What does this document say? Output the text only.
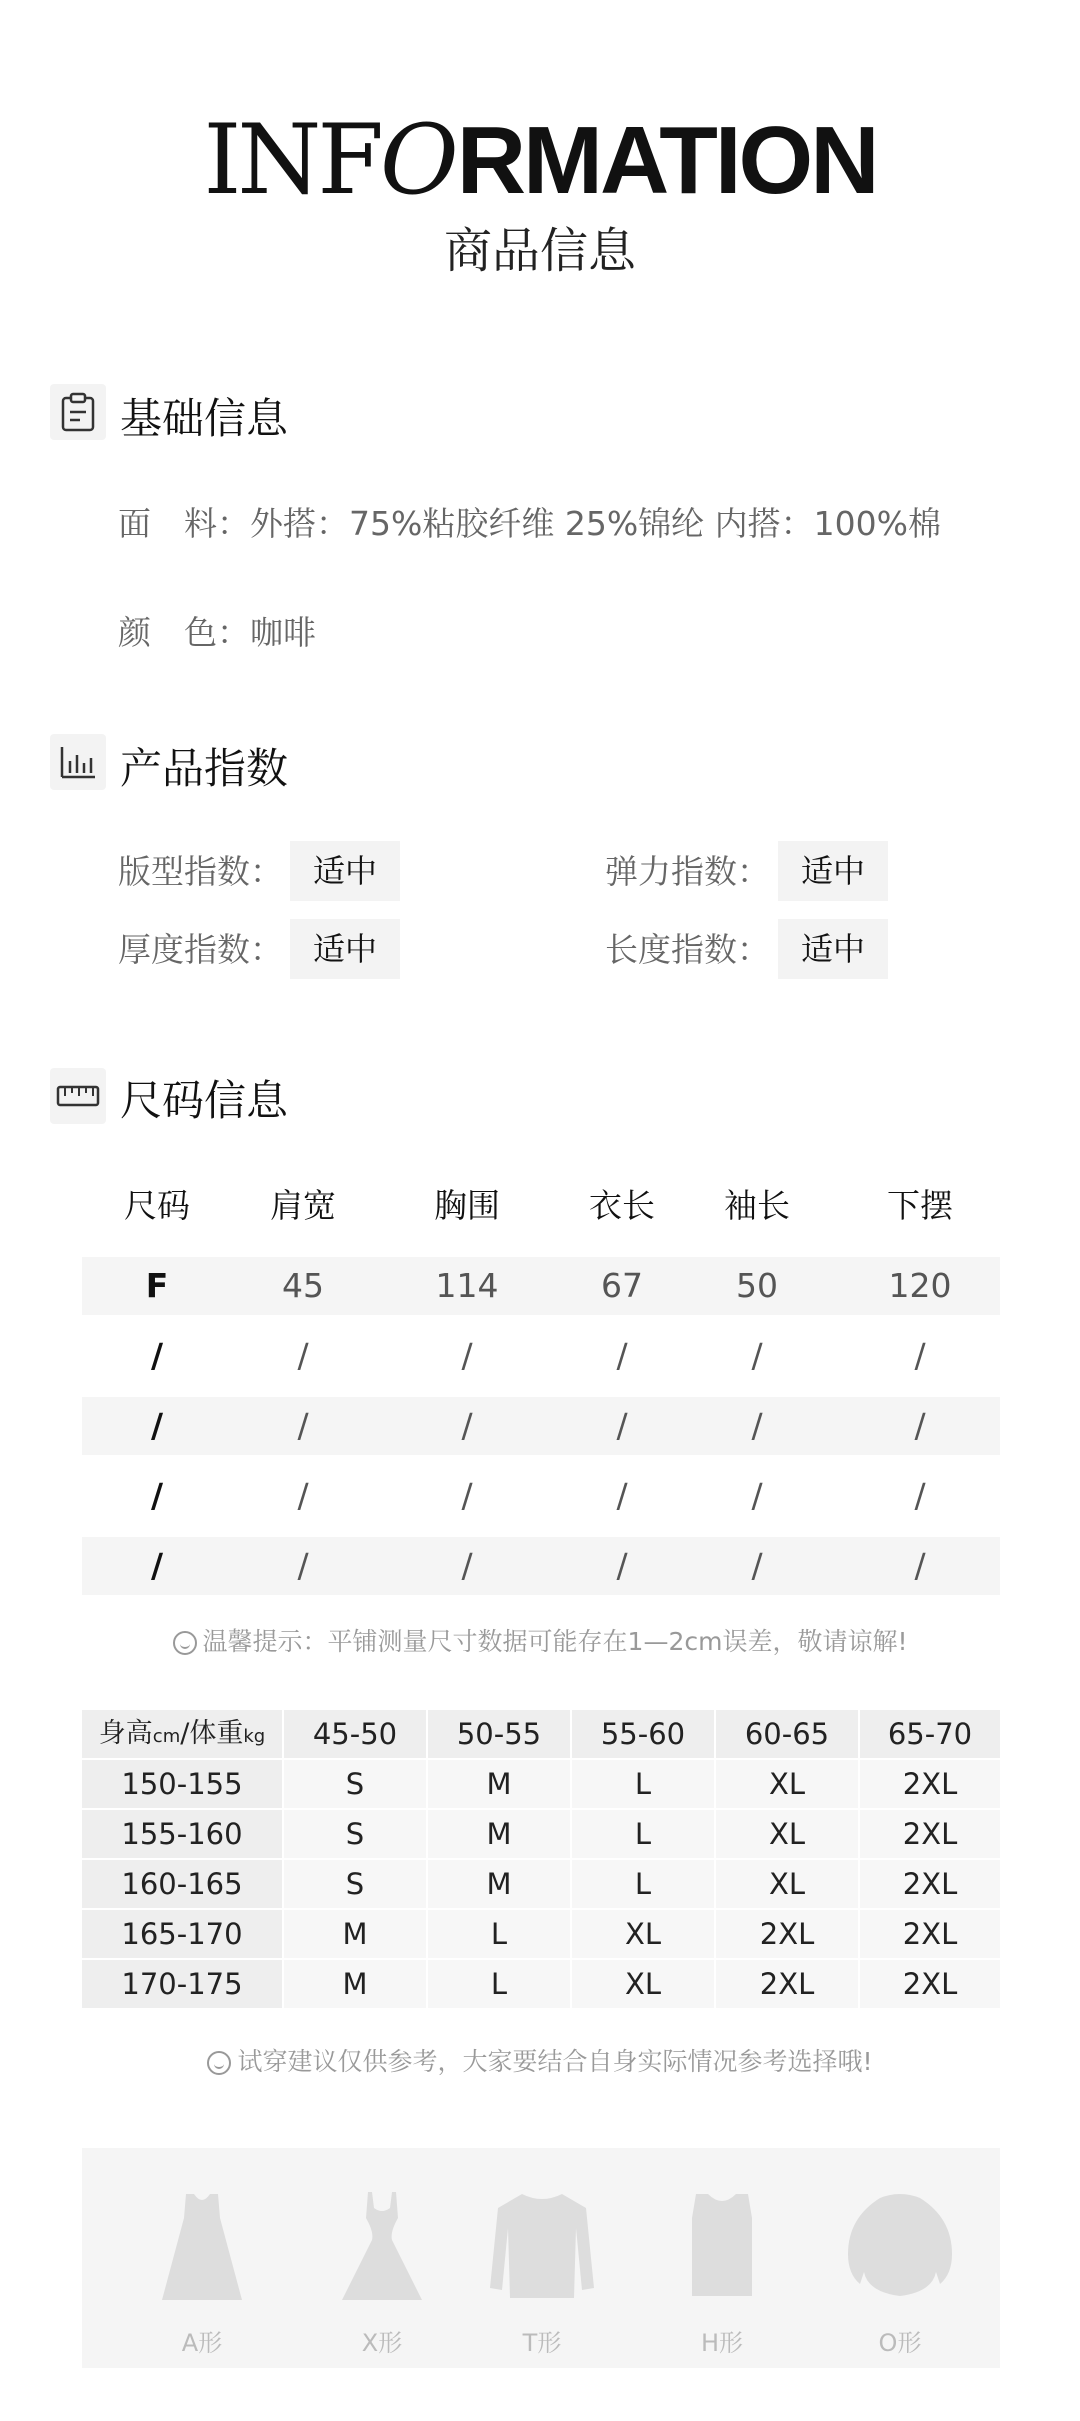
INFORMATION
商品信息
基础信息
面　料：外搭：75%粘胶纤维 25%锦纶 内搭：100%棉
颜　色：咖啡
产品指数
版型指数： 适中	弹力指数： 适中
厚度指数： 适中	长度指数： 适中
尺码信息
尺码	肩宽	胸围	衣长	袖长	下摆
F	45	114	67	50	120
/	/	/	/	/	/
/	/	/	/	/	/
/	/	/	/	/	/
/	/	/	/	/	/
温馨提示：平铺测量尺寸数据可能存在1—2cm误差，敬请谅解!
身高cm/体重kg	45-50	50-55	55-60	60-65	65-70
150-155	S	M	L	XL	2XL
155-160	S	M	L	XL	2XL
160-165	S	M	L	XL	2XL
165-170	M	L	XL	2XL	2XL
170-175	M	L	XL	2XL	2XL
试穿建议仅供参考，大家要结合自身实际情况参考选择哦!
A形	X形	T形	H形	O形
